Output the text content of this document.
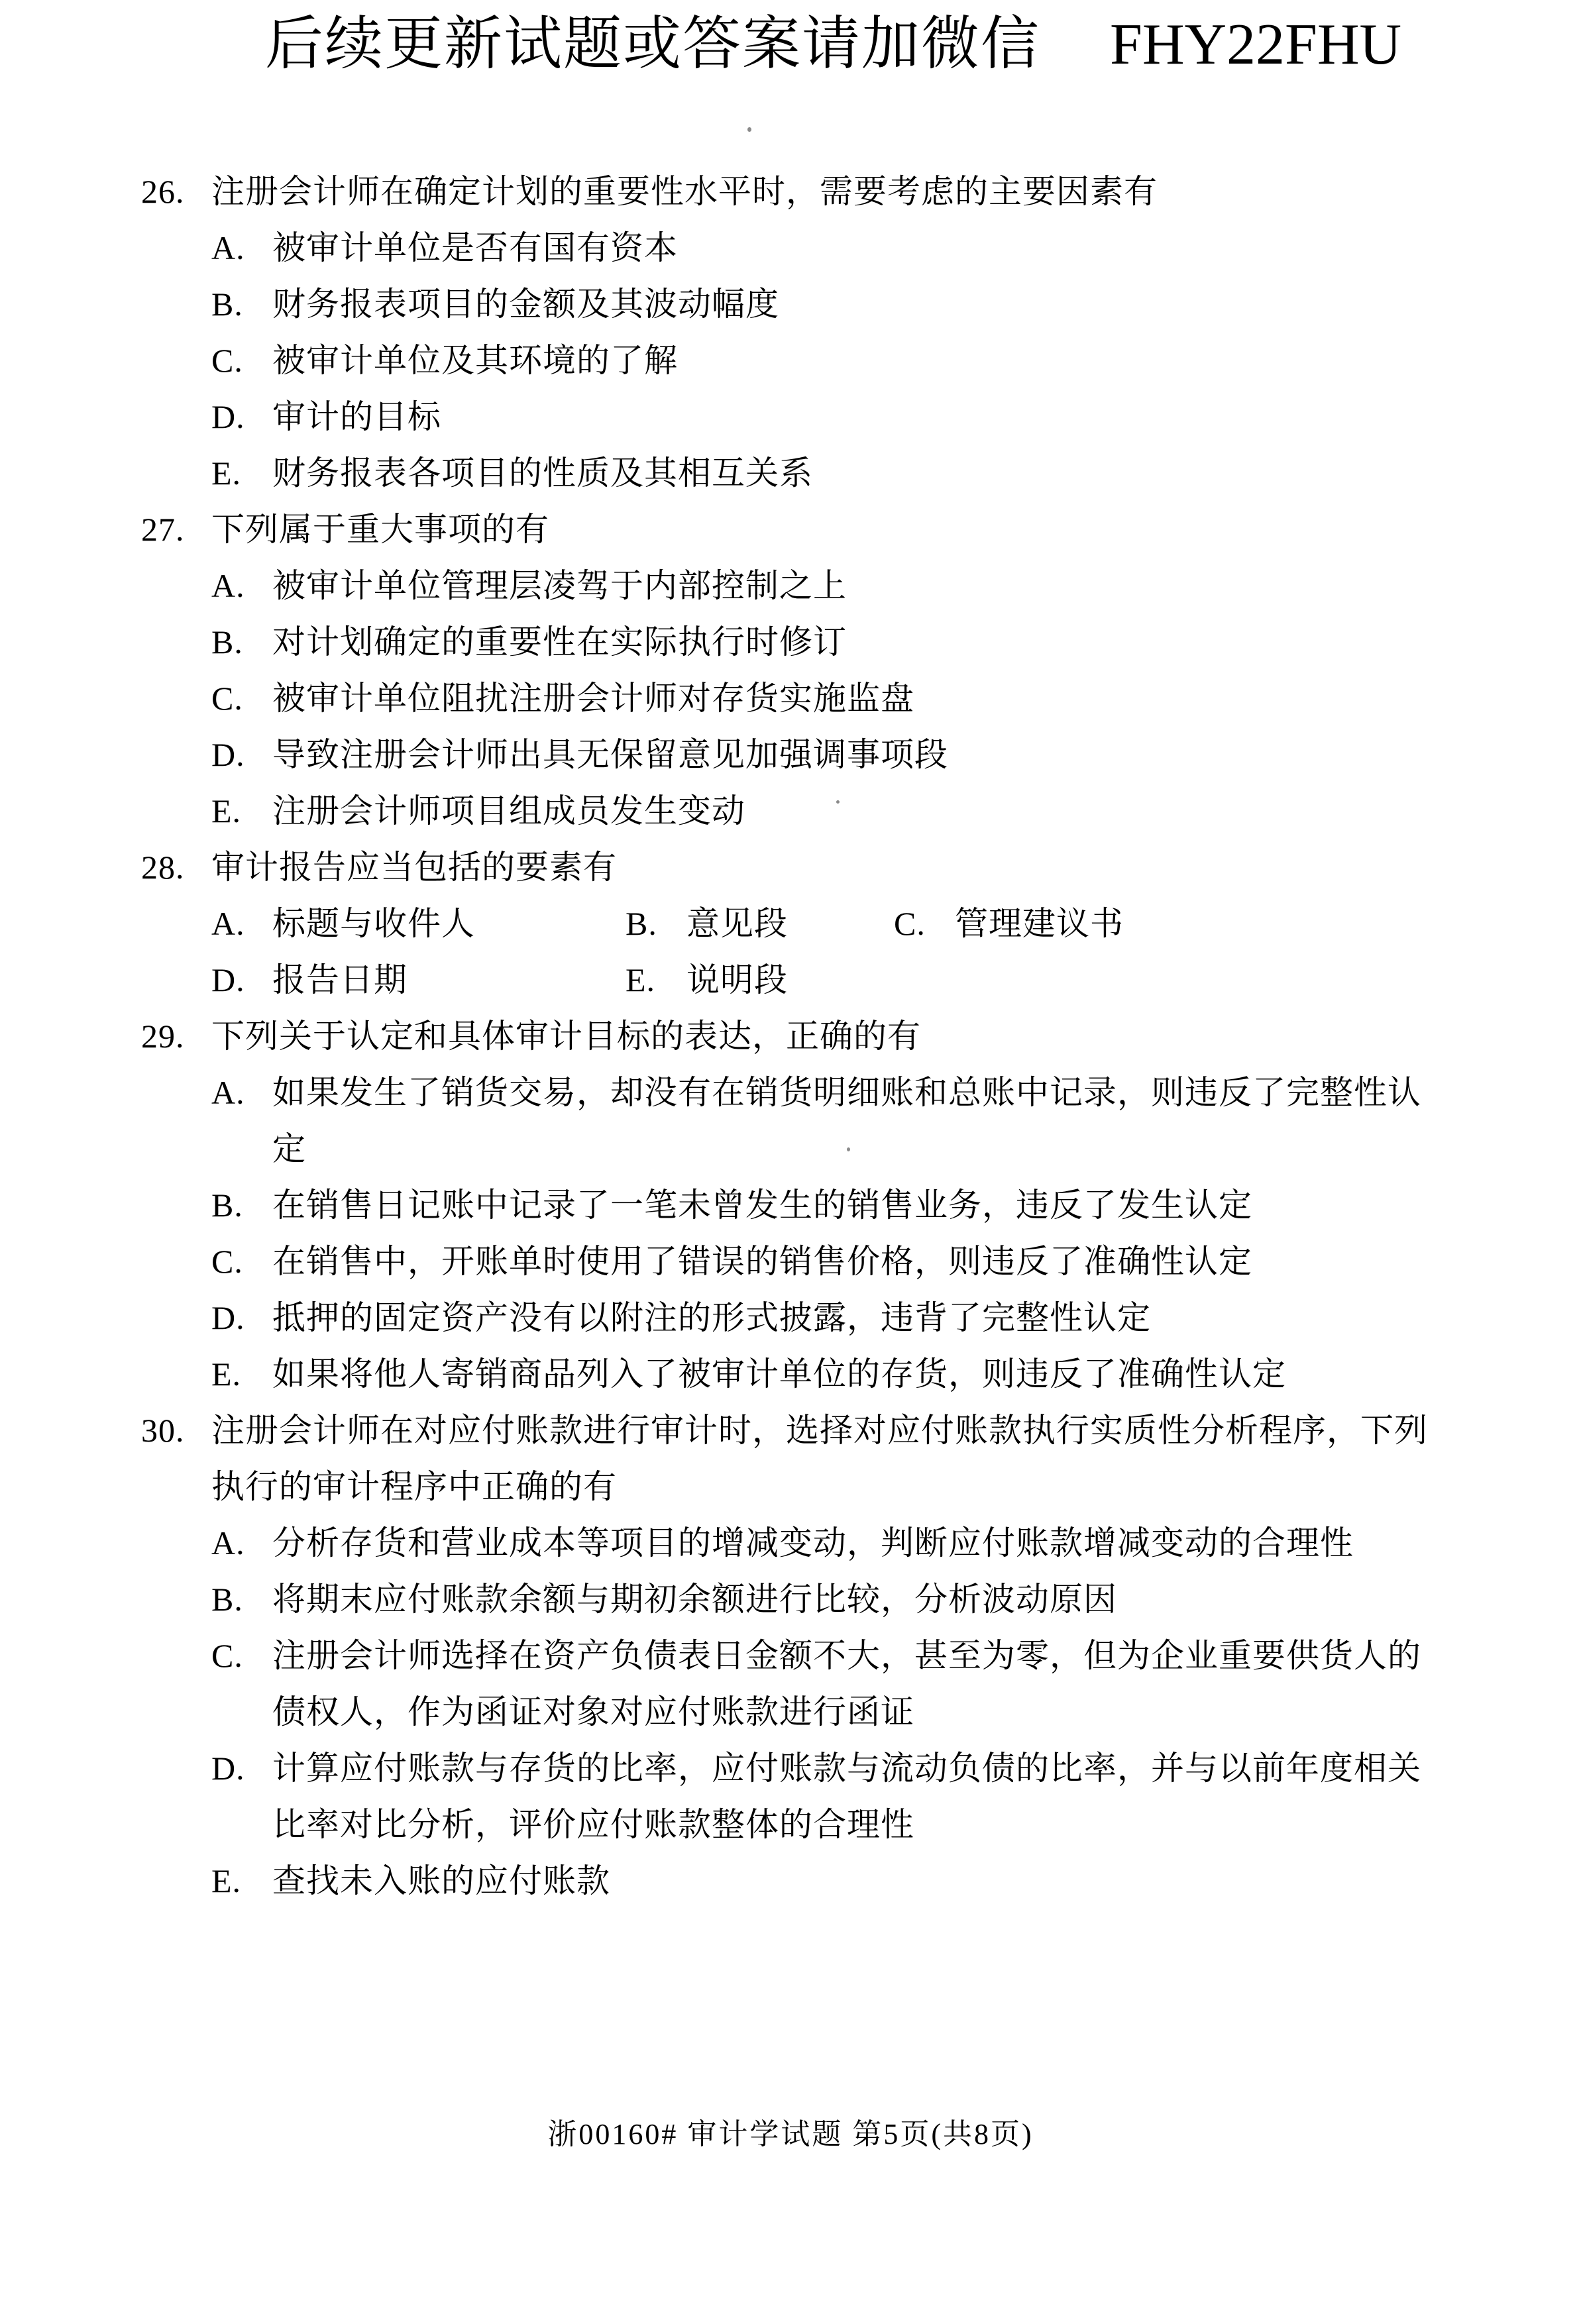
后续更新试题或答案请加微信 FHY22FHU
26. 注册会计师在确定计划的重要性水平时，需要考虑的主要因素有
A. 被审计单位是否有国有资本
B. 财务报表项目的金额及其波动幅度
C. 被审计单位及其环境的了解
D. 审计的目标
E. 财务报表各项目的性质及其相互关系
27. 下列属于重大事项的有
A. 被审计单位管理层凌驾于内部控制之上
B. 对计划确定的重要性在实际执行时修订
C. 被审计单位阻扰注册会计师对存货实施监盘
D. 导致注册会计师出具无保留意见加强调事项段
E. 注册会计师项目组成员发生变动
28. 审计报告应当包括的要素有
A. 标题与收件人	B. 意见段	C. 管理建议书
D. 报告日期	E. 说明段
29. 下列关于认定和具体审计目标的表达，正确的有
A. 如果发生了销货交易，却没有在销货明细账和总账中记录，则违反了完整性认
定
B. 在销售日记账中记录了一笔未曾发生的销售业务，违反了发生认定
C. 在销售中，开账单时使用了错误的销售价格，则违反了准确性认定
D. 抵押的固定资产没有以附注的形式披露，违背了完整性认定
E. 如果将他人寄销商品列入了被审计单位的存货，则违反了准确性认定
30. 注册会计师在对应付账款进行审计时，选择对应付账款执行实质性分析程序，下列
执行的审计程序中正确的有
A. 分析存货和营业成本等项目的增减变动，判断应付账款增减变动的合理性
B. 将期末应付账款余额与期初余额进行比较，分析波动原因
C. 注册会计师选择在资产负债表日金额不大，甚至为零，但为企业重要供货人的
债权人，作为函证对象对应付账款进行函证
D. 计算应付账款与存货的比率，应付账款与流动负债的比率，并与以前年度相关
比率对比分析，评价应付账款整体的合理性
E. 查找未入账的应付账款
浙00160# 审计学试题 第5页(共8页)
